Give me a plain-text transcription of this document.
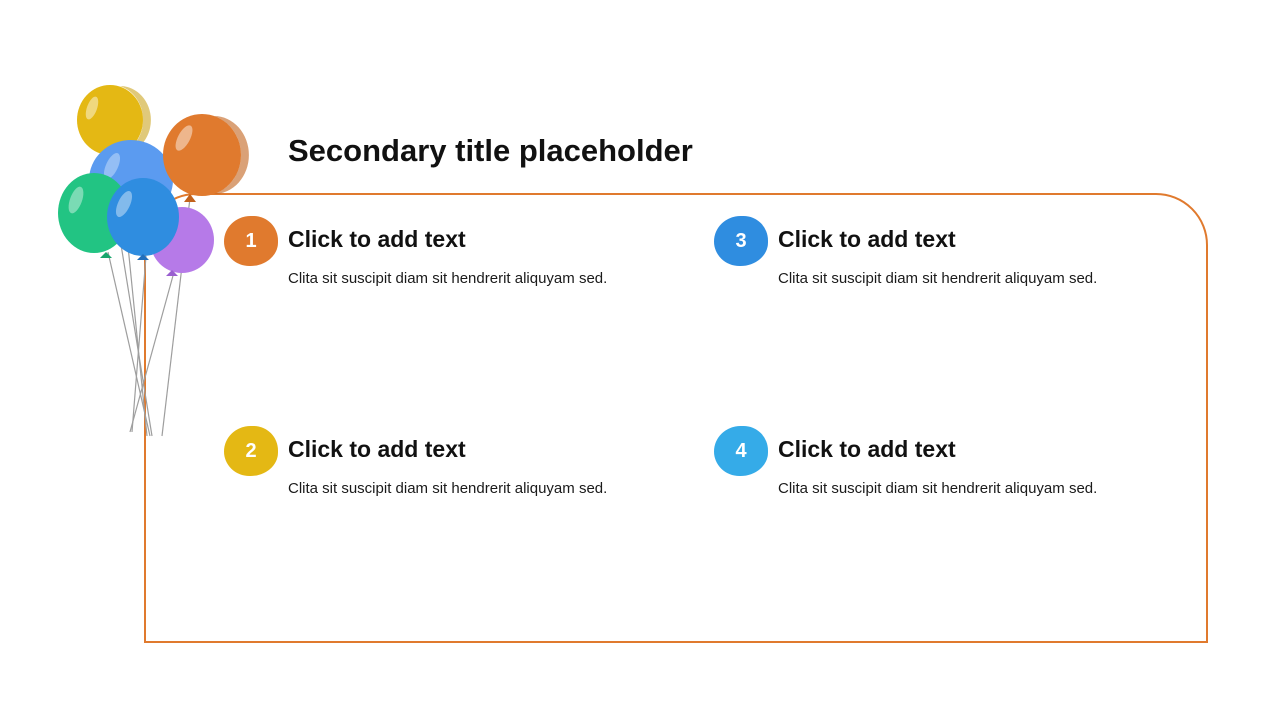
Secondary title placeholder
1	Click to add text
Clita sit suscipit diam sit hendrerit aliquyam sed.
2	Click to add text
Clita sit suscipit diam sit hendrerit aliquyam sed.
3	Click to add text
Clita sit suscipit diam sit hendrerit aliquyam sed.
4	Click to add text
Clita sit suscipit diam sit hendrerit aliquyam sed.
